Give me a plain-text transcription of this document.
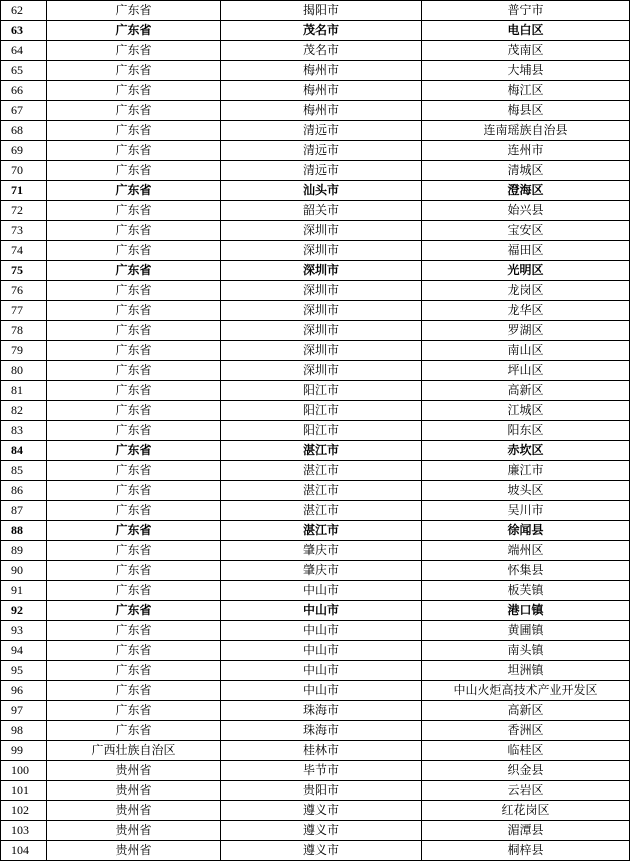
62	广东省	揭阳市	普宁市
63	广东省	茂名市	电白区
64	广东省	茂名市	茂南区
65	广东省	梅州市	大埔县
66	广东省	梅州市	梅江区
67	广东省	梅州市	梅县区
68	广东省	清远市	连南瑶族自治县
69	广东省	清远市	连州市
70	广东省	清远市	清城区
71	广东省	汕头市	澄海区
72	广东省	韶关市	始兴县
73	广东省	深圳市	宝安区
74	广东省	深圳市	福田区
75	广东省	深圳市	光明区
76	广东省	深圳市	龙岗区
77	广东省	深圳市	龙华区
78	广东省	深圳市	罗湖区
79	广东省	深圳市	南山区
80	广东省	深圳市	坪山区
81	广东省	阳江市	高新区
82	广东省	阳江市	江城区
83	广东省	阳江市	阳东区
84	广东省	湛江市	赤坎区
85	广东省	湛江市	廉江市
86	广东省	湛江市	坡头区
87	广东省	湛江市	吴川市
88	广东省	湛江市	徐闻县
89	广东省	肇庆市	端州区
90	广东省	肇庆市	怀集县
91	广东省	中山市	板芙镇
92	广东省	中山市	港口镇
93	广东省	中山市	黄圃镇
94	广东省	中山市	南头镇
95	广东省	中山市	坦洲镇
96	广东省	中山市	中山火炬高技术产业开发区
97	广东省	珠海市	高新区
98	广东省	珠海市	香洲区
99	广西壮族自治区	桂林市	临桂区
100	贵州省	毕节市	织金县
101	贵州省	贵阳市	云岩区
102	贵州省	遵义市	红花岗区
103	贵州省	遵义市	湄潭县
104	贵州省	遵义市	桐梓县
